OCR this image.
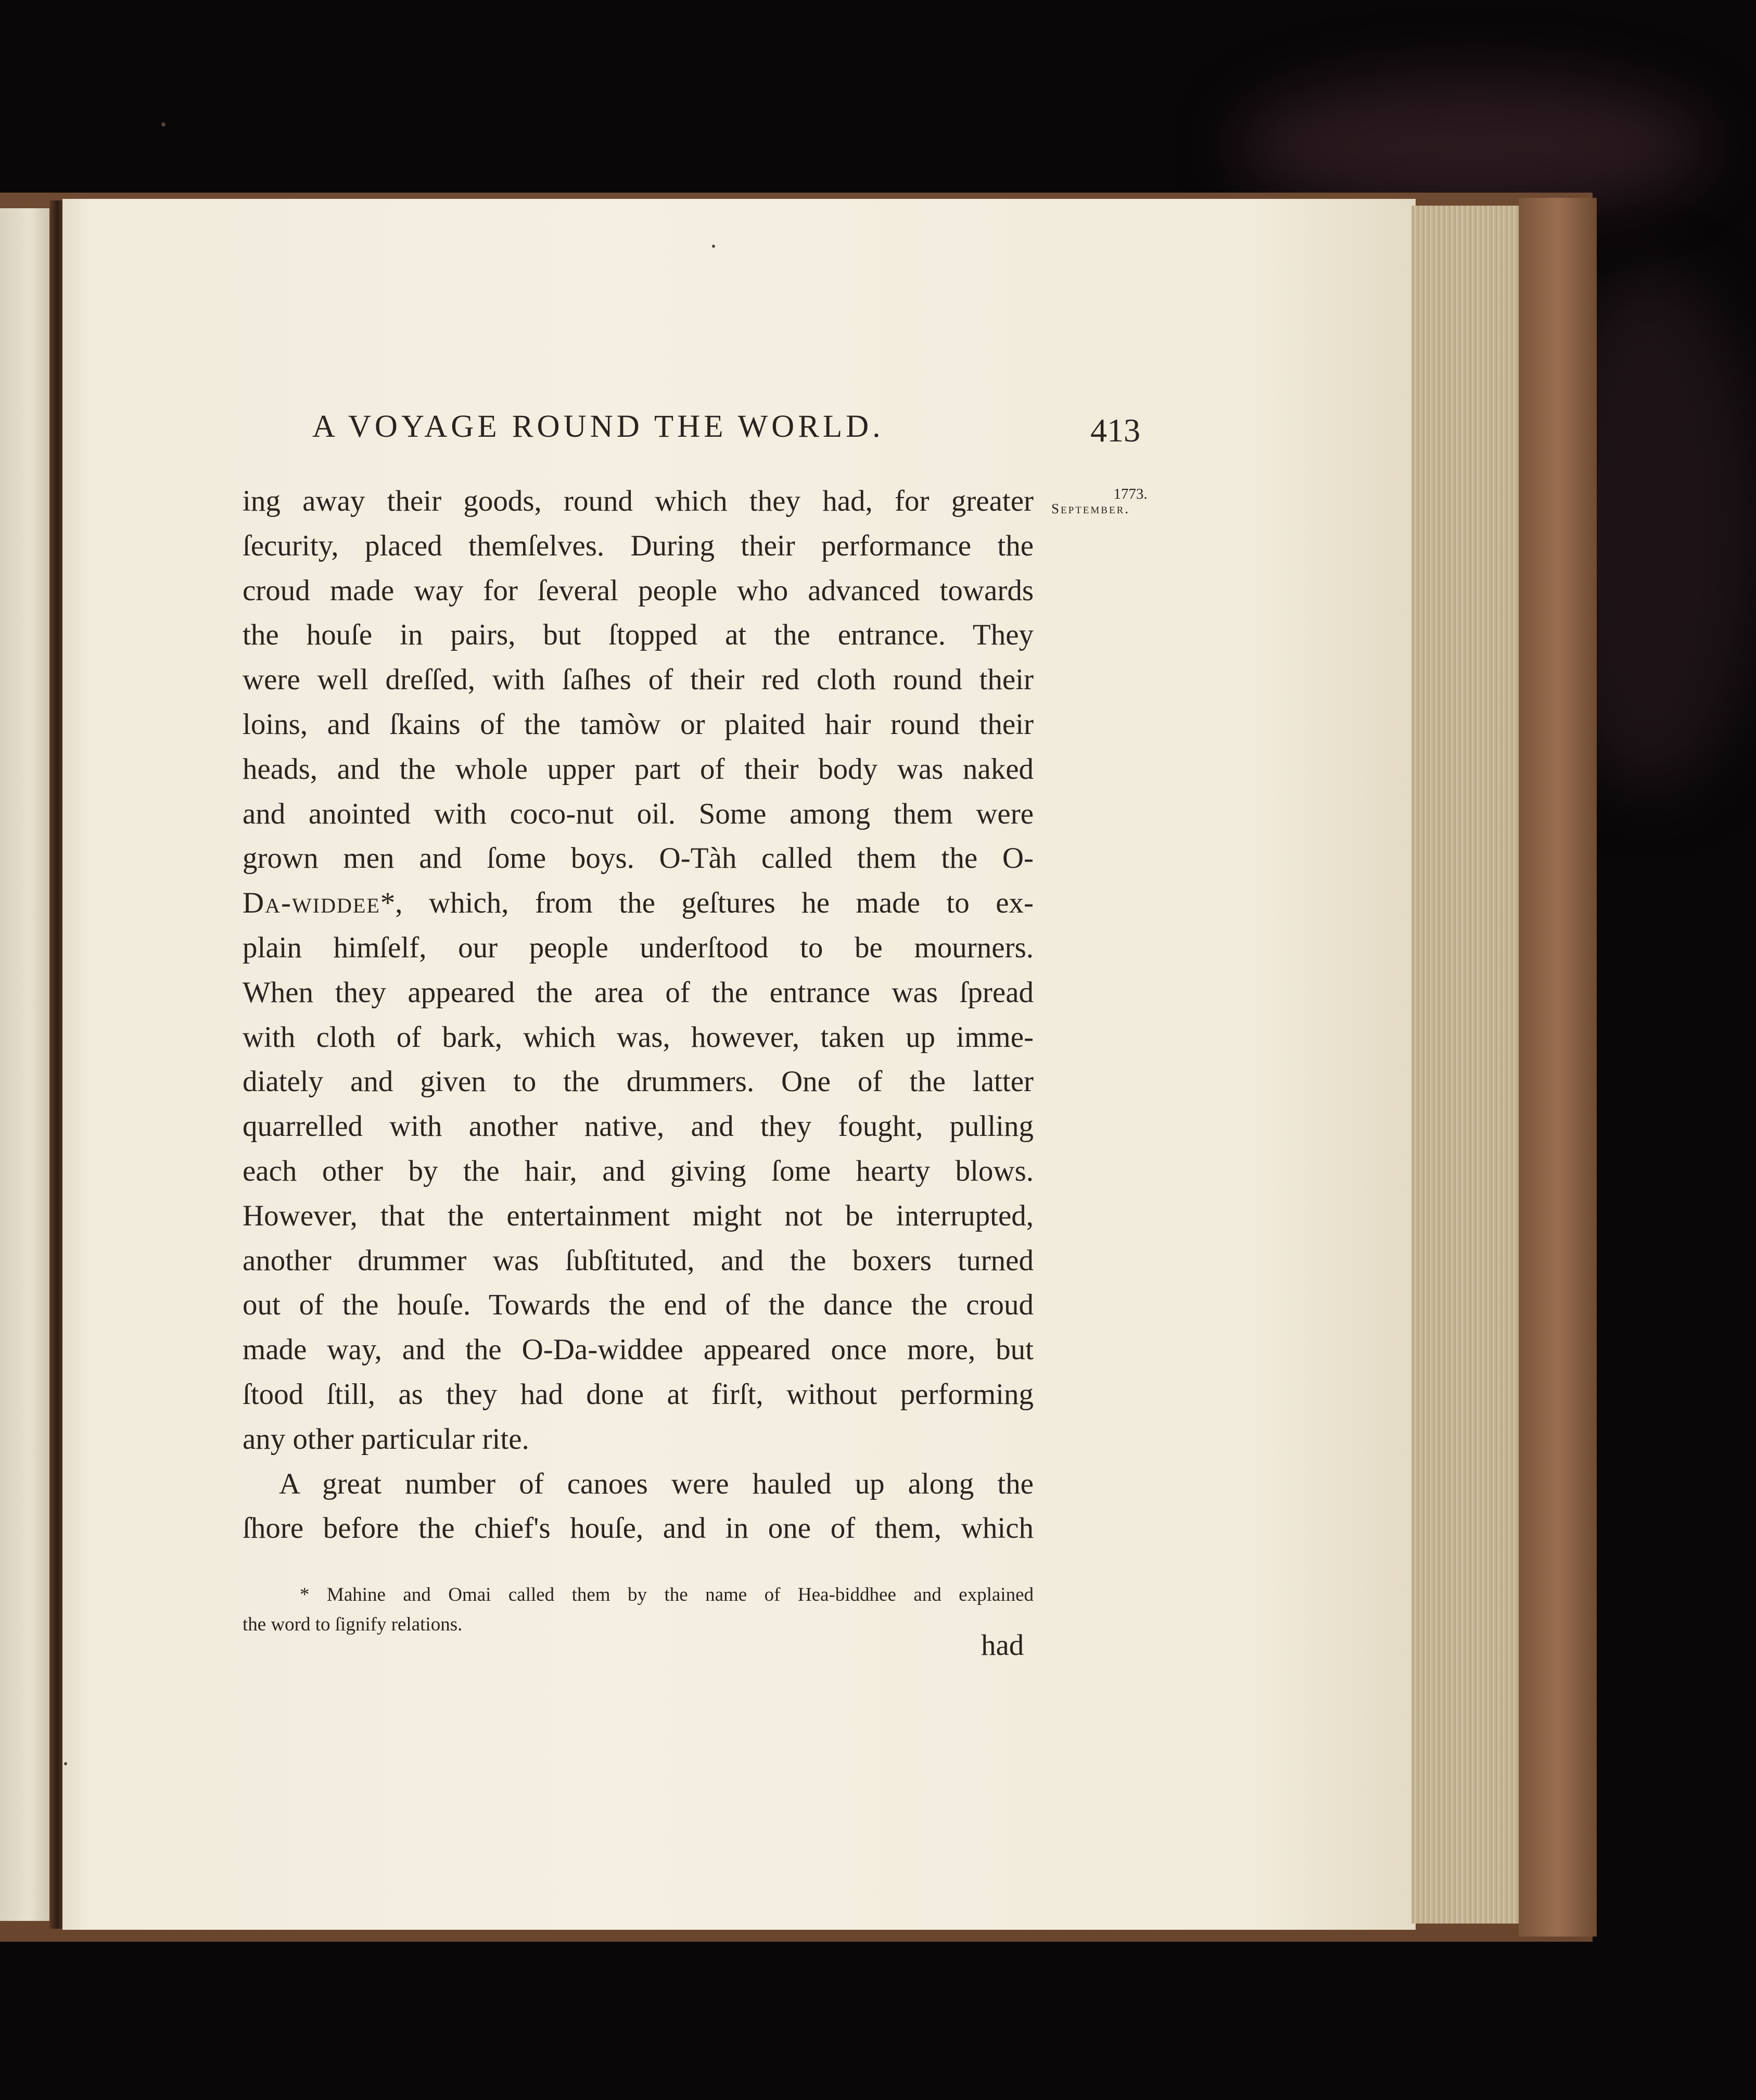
A VOYAGE ROUND THE WORLD.	413
1773.
September.
ing away their goods, round which they had, for greater
ſecurity, placed themſelves. During their performance the
croud made way for ſeveral people who advanced towards
the houſe in pairs, but ſtopped at the entrance. They
were well dreſſed, with ſaſhes of their red cloth round their
loins, and ſkains of the tamòw or plaited hair round their
heads, and the whole upper part of their body was naked
and anointed with coco-nut oil. Some among them were
grown men and ſome boys. O-Tàh called them the O-
Da-widdee*, which, from the geſtures he made to ex-
plain himſelf, our people underſtood to be mourners.
When they appeared the area of the entrance was ſpread
with cloth of bark, which was, however, taken up imme-
diately and given to the drummers. One of the latter
quarrelled with another native, and they fought, pulling
each other by the hair, and giving ſome hearty blows.
However, that the entertainment might not be interrupted,
another drummer was ſubſtituted, and the boxers turned
out of the houſe. Towards the end of the dance the croud
made way, and the O-Da-widdee appeared once more, but
ſtood ſtill, as they had done at firſt, without performing
any other particular rite.
A great number of canoes were hauled up along the
ſhore before the chief's houſe, and in one of them, which
* Mahine and Omai called them by the name of Hea-biddhee and explained
the word to ſignify relations.
had
